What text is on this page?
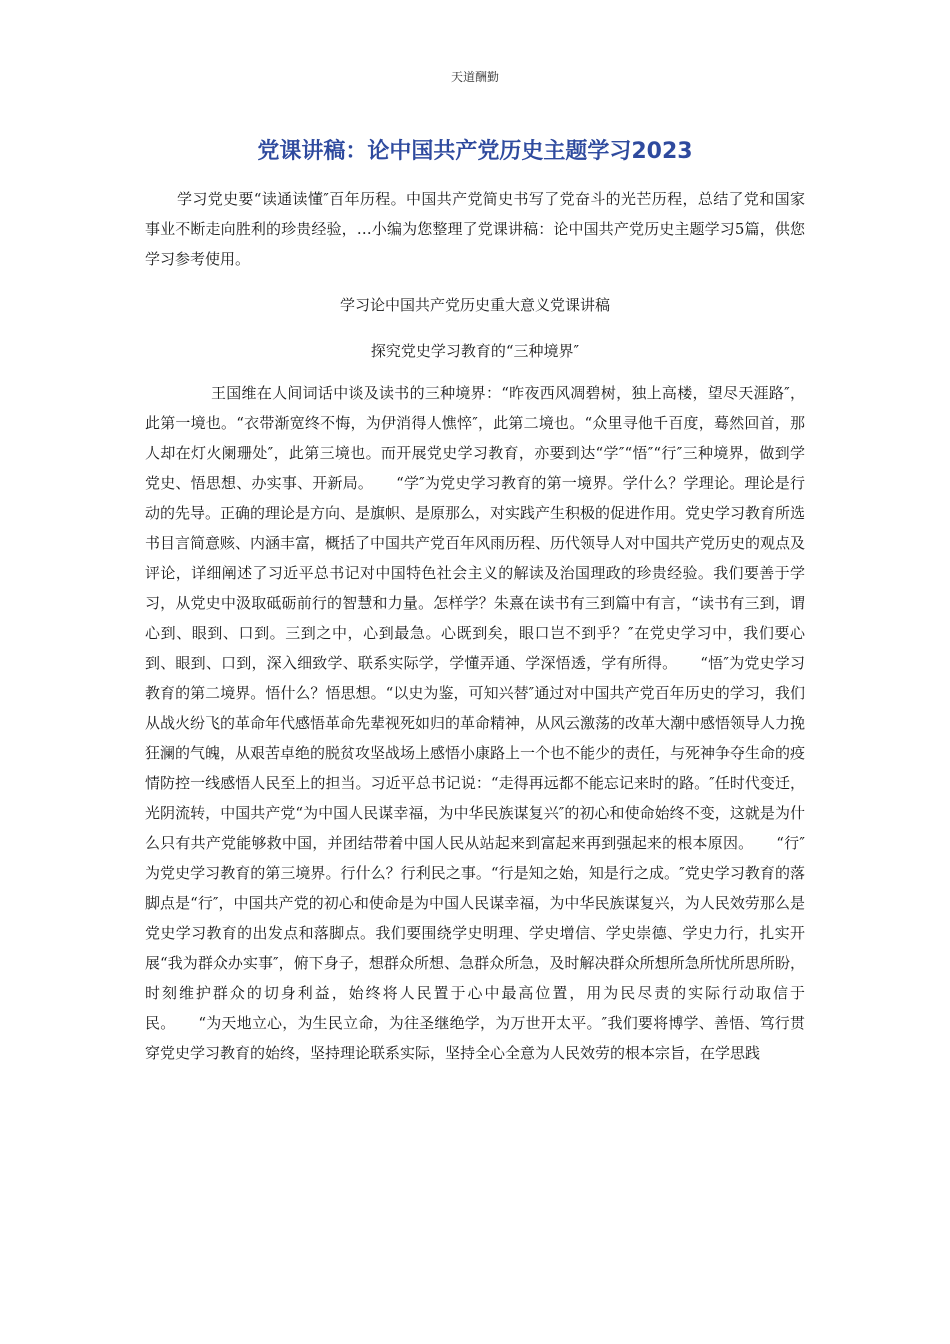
天道酬勤
党课讲稿：论中国共产党历史主题学习2023

学习党史要“读通读懂″百年历程。中国共产党简史书写了党奋斗的光芒历程，总结了党和国家事业不断走向胜利的珍贵经验，…小编为您整理了党课讲稿：论中国共产党历史主题学习5篇，供您学习参考使用。

学习论中国共产党历史重大意义党课讲稿
探究党史学习教育的“三种境界″

王国维在人间词话中谈及读书的三种境界：“昨夜西风凋碧树，独上高楼，望尽天涯路″，此第一境也。“衣带渐宽终不悔，为伊消得人憔悴″，此第二境也。“众里寻他千百度，蓦然回首，那人却在灯火阑珊处″，此第三境也。而开展党史学习教育，亦要到达“学″“悟″“行″三种境界，做到学党史、悟思想、办实事、开新局。　　“学″为党史学习教育的第一境界。学什么？学理论。理论是行动的先导。正确的理论是方向、是旗帜、是原那么，对实践产生积极的促进作用。党史学习教育所选书目言简意赅、内涵丰富，概括了中国共产党百年风雨历程、历代领导人对中国共产党历史的观点及评论，详细阐述了习近平总书记对中国特色社会主义的解读及治国理政的珍贵经验。我们要善于学习，从党史中汲取砥砺前行的智慧和力量。怎样学？朱熹在读书有三到篇中有言，“读书有三到，谓心到、眼到、口到。三到之中，心到最急。心既到矣，眼口岂不到乎？″在党史学习中，我们要心到、眼到、口到，深入细致学、联系实际学，学懂弄通、学深悟透，学有所得。　　“悟″为党史学习教育的第二境界。悟什么？悟思想。“以史为鉴，可知兴替″通过对中国共产党百年历史的学习，我们从战火纷飞的革命年代感悟革命先辈视死如归的革命精神，从风云激荡的改革大潮中感悟领导人力挽狂澜的气魄，从艰苦卓绝的脱贫攻坚战场上感悟小康路上一个也不能少的责任，与死神争夺生命的疫情防控一线感悟人民至上的担当。习近平总书记说：“走得再远都不能忘记来时的路。″任时代变迁，光阴流转，中国共产党“为中国人民谋幸福，为中华民族谋复兴″的初心和使命始终不变，这就是为什么只有共产党能够救中国，并团结带着中国人民从站起来到富起来再到强起来的根本原因。　　“行″为党史学习教育的第三境界。行什么？行利民之事。“行是知之始，知是行之成。″党史学习教育的落脚点是“行″，中国共产党的初心和使命是为中国人民谋幸福，为中华民族谋复兴，为人民效劳那么是党史学习教育的出发点和落脚点。我们要围绕学史明理、学史增信、学史崇德、学史力行，扎实开展“我为群众办实事″，俯下身子，想群众所想、急群众所急，及时解决群众所想所急所忧所思所盼，时刻维护群众的切身利益，始终将人民置于心中最高位置，用为民尽责的实际行动取信于民。　　“为天地立心，为生民立命，为往圣继绝学，为万世开太平。″我们要将博学、善悟、笃行贯穿党史学习教育的始终，坚持理论联系实际，坚持全心全意为人民效劳的根本宗旨，在学思践
